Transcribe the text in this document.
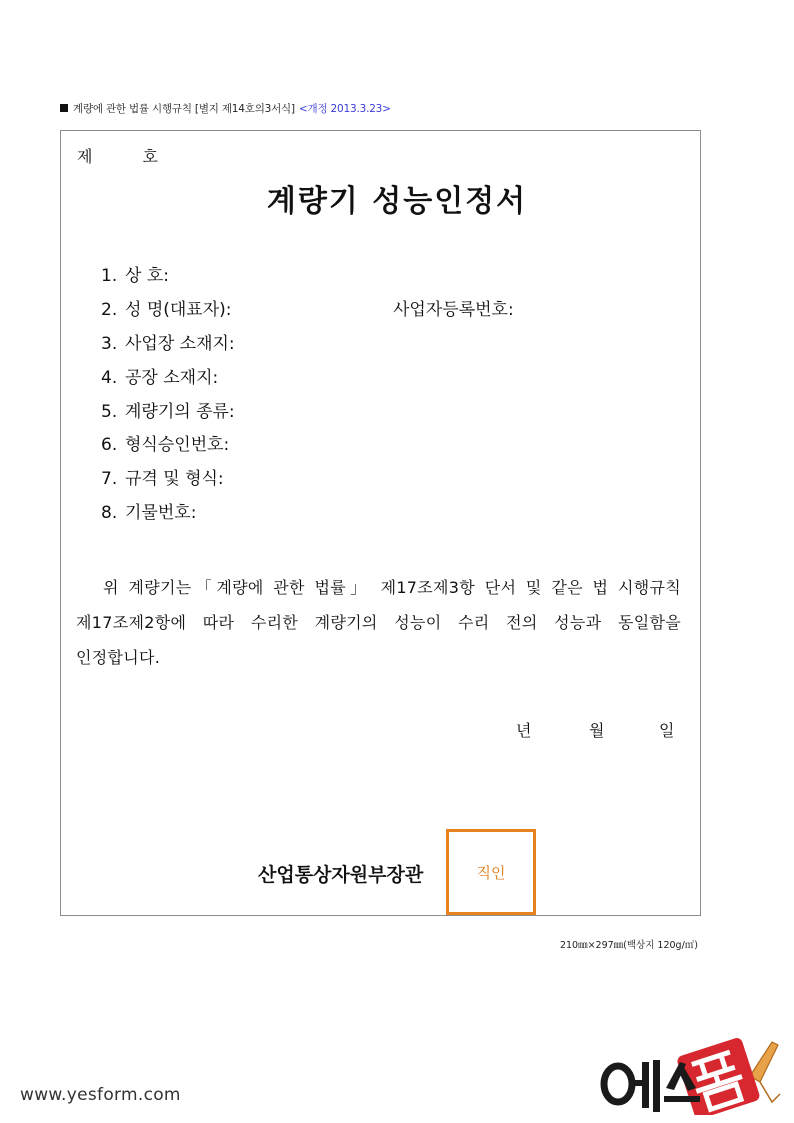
계량에 관한 법률 시행규칙 [별지 제14호의3서식] <개정 2013.3.23>
제	호
계량기 성능인정서
1. 상 호:
2. 성 명(대표자):	사업자등록번호:
3. 사업장 소재지:
4. 공장 소재지:
5. 계량기의 종류:
6. 형식승인번호:
7. 규격 및 형식:
8. 기물번호:
위 계량기는「계량에 관한 법률」 제17조제3항 단서 및 같은 법 시행규칙
제17조제2항에 따라 수리한 계량기의 성능이 수리 전의 성능과 동일함을
인정합니다.
년	월	일
산업통상자원부장관	직인
210㎜×297㎜(백상지 120g/㎡)
www.yesform.com
